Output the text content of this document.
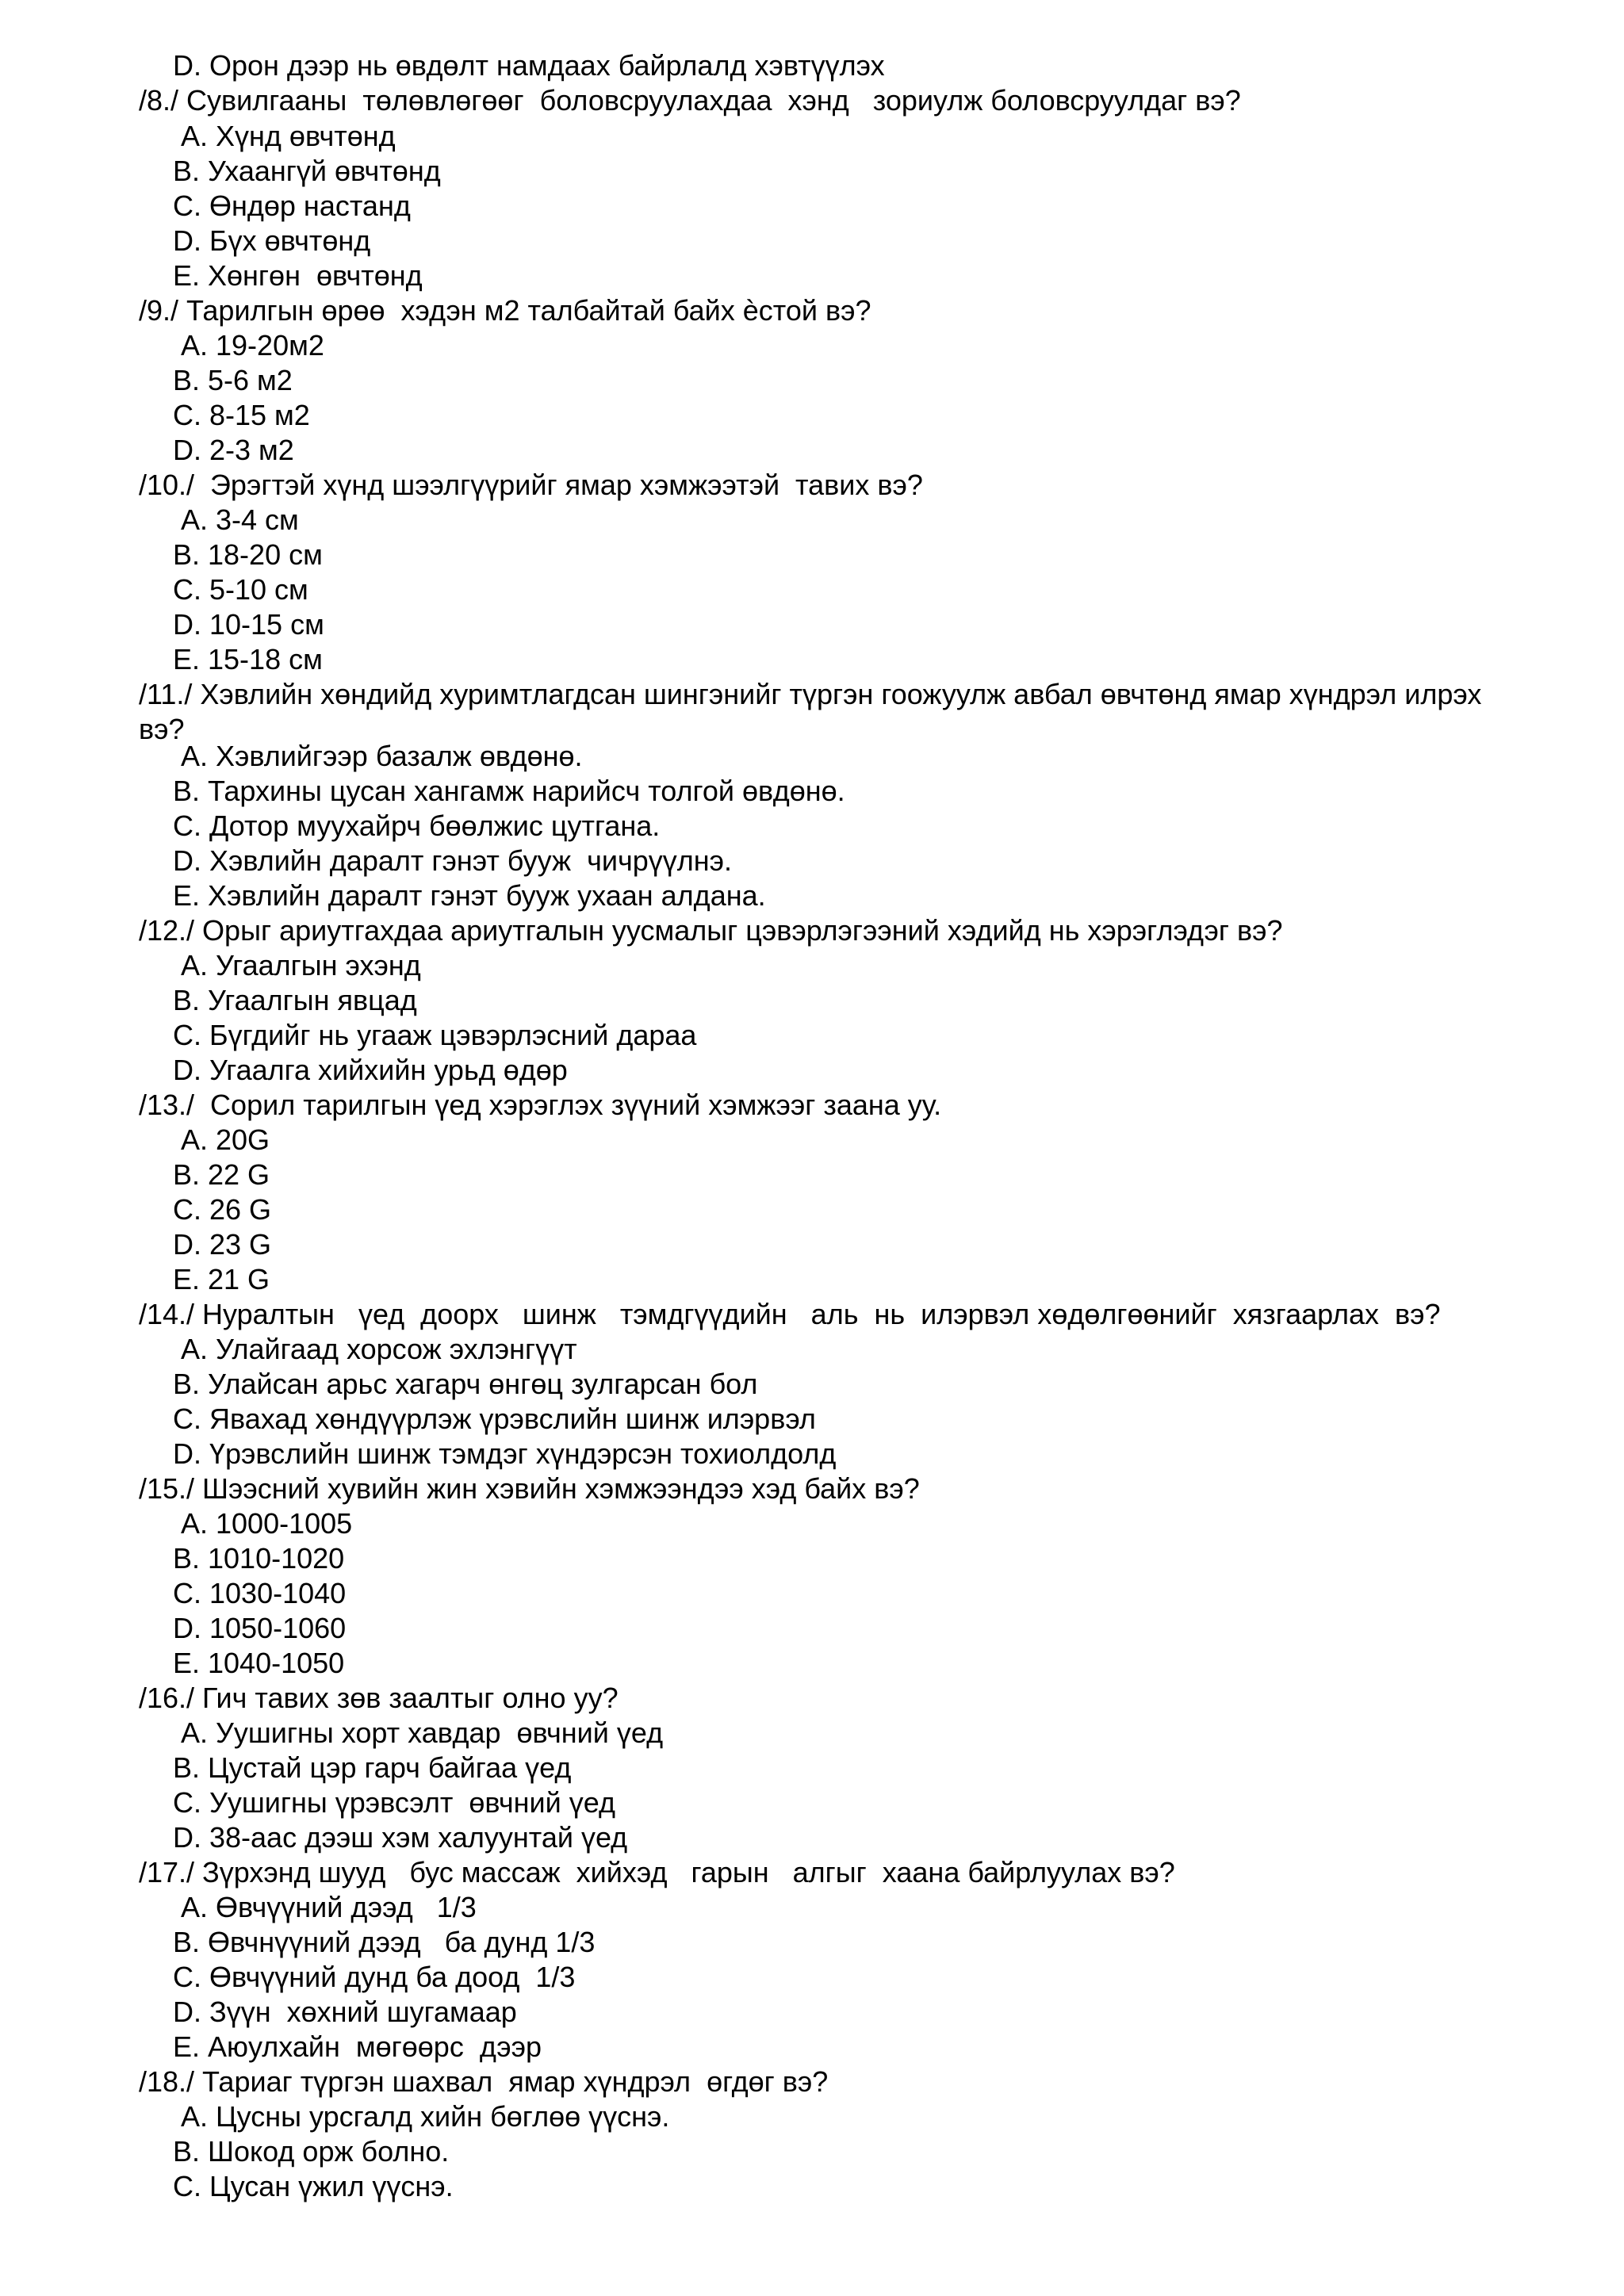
D. Орон дээр нь өвдөлт намдаах байрлалд хэвтүүлэх
/8./ Сувилгааны  төлөвлөгөөг  боловсруулахдаа  хэнд   зориулж боловсруулдаг вэ?
A. Хүнд өвчтөнд
B. Ухаангүй өвчтөнд
C. Өндөр настанд
D. Бүх өвчтөнд
E. Хөнгөн  өвчтөнд
/9./ Тарилгын өрөө  хэдэн м2 талбайтай байх ѐстой вэ?
A. 19-20м2
B. 5-6 м2
C. 8-15 м2
D. 2-3 м2
/10./  Эрэгтэй хүнд шээлгүүрийг ямар хэмжээтэй  тавих вэ?
A. 3-4 см
B. 18-20 см
C. 5-10 см
D. 10-15 см
E. 15-18 см
/11./ Хэвлийн хөндийд хуримтлагдсан шингэнийг түргэн гоожуулж авбал өвчтөнд ямар хүндрэл илрэх вэ?
A. Хэвлийгээр базалж өвдөнө.
B. Тархины цусан хангамж нарийсч толгой өвдөнө.
C. Дотор муухайрч бөөлжис цутгана.
D. Хэвлийн даралт гэнэт бууж  чичрүүлнэ.
E. Хэвлийн даралт гэнэт бууж ухаан алдана.
/12./ Орыг ариутгахдаа ариутгалын уусмалыг цэвэрлэгээний хэдийд нь хэрэглэдэг вэ?
A. Угаалгын эхэнд
B. Угаалгын явцад
C. Бүгдийг нь угааж цэвэрлэсний дараа
D. Угаалга хийхийн урьд өдөр
/13./  Сорил тарилгын үед хэрэглэх зүүний хэмжээг заана уу.
A. 20G
B. 22 G
C. 26 G
D. 23 G
E. 21 G
/14./ Нуралтын   үед  доорх   шинж   тэмдгүүдийн   аль  нь  илэрвэл хөдөлгөөнийг  хязгаарлах  вэ?
A. Улайгаад хорсож эхлэнгүүт
B. Улайсан арьс хагарч өнгөц зулгарсан бол
C. Явахад хөндүүрлэж үрэвслийн шинж илэрвэл
D. Үрэвслийн шинж тэмдэг хүндэрсэн тохиолдолд
/15./ Шээсний хувийн жин хэвийн хэмжээндээ хэд байх вэ?
A. 1000-1005
B. 1010-1020
C. 1030-1040
D. 1050-1060
E. 1040-1050
/16./ Гич тавих зөв заалтыг олно уу?
A. Уушигны хорт хавдар  өвчний үед
B. Цустай цэр гарч байгаа үед
C. Уушигны үрэвсэлт  өвчний үед
D. 38-аас дээш хэм халуунтай үед
/17./ Зүрхэнд шууд   бус массаж  хийхэд   гарын   алгыг  хаана байрлуулах вэ?
A. Өвчүүний дээд   1/3
B. Өвчнүүний дээд   ба дунд 1/3
C. Өвчүүний дунд ба доод  1/3
D. Зүүн  хөхний шугамаар
E. Аюулхайн  мөгөөрс  дээр
/18./ Тариаг түргэн шахвал  ямар хүндрэл  өгдөг вэ?
A. Цусны урсгалд хийн бөглөө үүснэ.
B. Шокод орж болно.
C. Цусан үжил үүснэ.
